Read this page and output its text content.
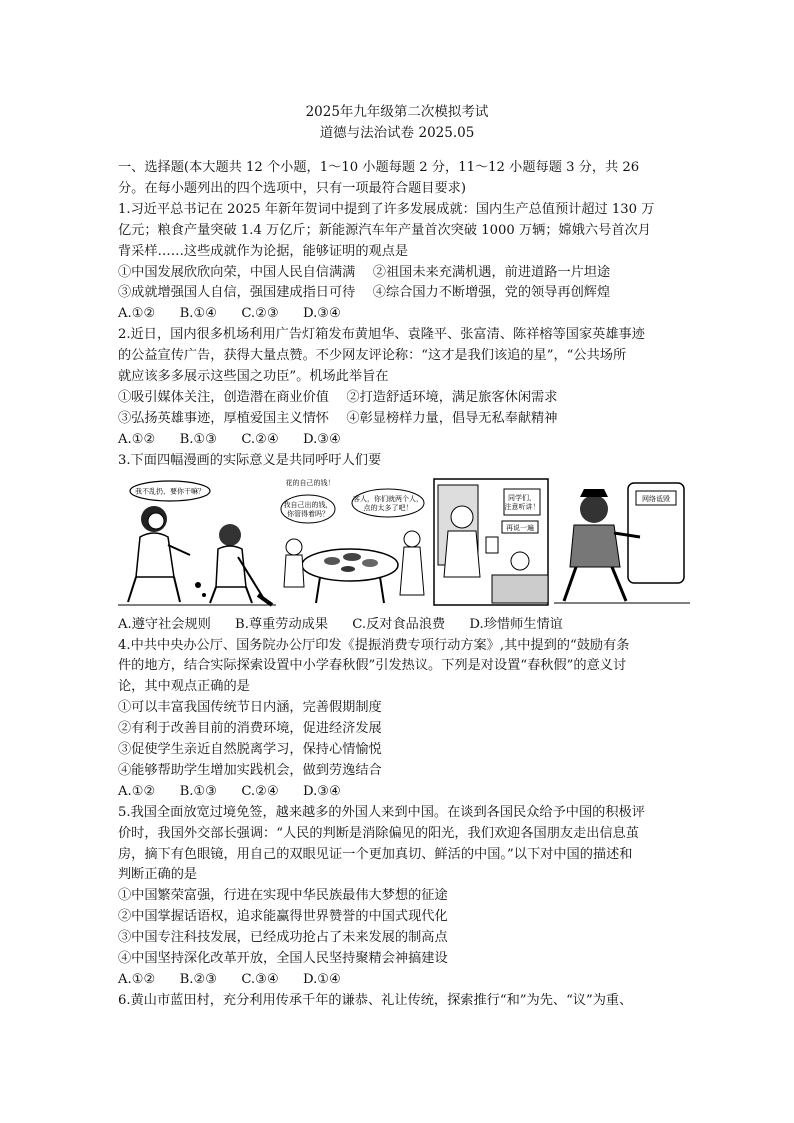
2025年九年级第二次模拟考试
道德与法治试卷 2025.05

一、选择题(本大题共 12 个小题，1～10 小题每题 2 分，11～12 小题每题 3 分，共 26

分。在每小题列出的四个选项中，只有一项最符合题目要求)

1.习近平总书记在 2025 年新年贺词中提到了许多发展成就：国内生产总值预计超过 130 万

亿元；粮食产量突破 1.4 万亿斤；新能源汽车年产量首次突破 1000 万辆；嫦娥六号首次月

背采样……这些成就作为论据，能够证明的观点是

①中国发展欣欣向荣，中国人民自信满满　 ②祖国未来充满机遇，前进道路一片坦途

③成就增强国人自信，强国建成指日可待　 ④综合国力不断增强，党的领导再创辉煌

A.①② B.①④ C.②③ D.③④

2.近日，国内很多机场利用广告灯箱发布黄旭华、袁隆平、张富清、陈祥榕等国家英雄事迹

的公益宣传广告，获得大量点赞。不少网友评论称：“这才是我们该追的星”，“公共场所

就应该多多展示这些国之功臣”。机场此举旨在

①吸引媒体关注，创造潜在商业价值　 ②打造舒适环境，满足旅客休闲需求

③弘扬英雄事迹，厚植爱国主义情怀　 ④彰显榜样力量，倡导无私奉献精神

A.①② B.①③ C.②④ D.③④

3.下面四幅漫画的实际意义是共同呼吁人们要

我不乱扔，要你干嘛？
花的自己的钱！
我自己出的钱，
你管得着吗？
客人，你们就两个人，
点的太多了吧！
同学们，
注意听讲！
再说一遍
网络诋毁

A.遵守社会规则 B.尊重劳动成果 C.反对食品浪费 D.珍惜师生情谊

4.中共中央办公厅、国务院办公厅印发《提振消费专项行动方案》,其中提到的“鼓励有条

件的地方，结合实际探索设置中小学春秋假”引发热议。下列是对设置“春秋假”的意义讨

论，其中观点正确的是

①可以丰富我国传统节日内涵，完善假期制度

②有利于改善目前的消费环境，促进经济发展

③促使学生亲近自然脱离学习，保持心情愉悦

④能够帮助学生增加实践机会，做到劳逸结合

A.①② B.①③ C.②④ D.③④

5.我国全面放宽过境免签，越来越多的外国人来到中国。在谈到各国民众给予中国的积极评

价时，我国外交部长强调：“人民的判断是消除偏见的阳光，我们欢迎各国朋友走出信息茧

房，摘下有色眼镜，用自己的双眼见证一个更加真切、鲜活的中国。”以下对中国的描述和

判断正确的是

①中国繁荣富强，行进在实现中华民族最伟大梦想的征途

②中国掌握话语权，追求能赢得世界赞誉的中国式现代化

③中国专注科技发展，已经成功抢占了未来发展的制高点

④中国坚持深化改革开放，全国人民坚持聚精会神搞建设

A.①② B.②③ C.③④ D.①④

6.黄山市蓝田村，充分利用传承千年的谦恭、礼让传统，探索推行“和”为先、“议”为重、
